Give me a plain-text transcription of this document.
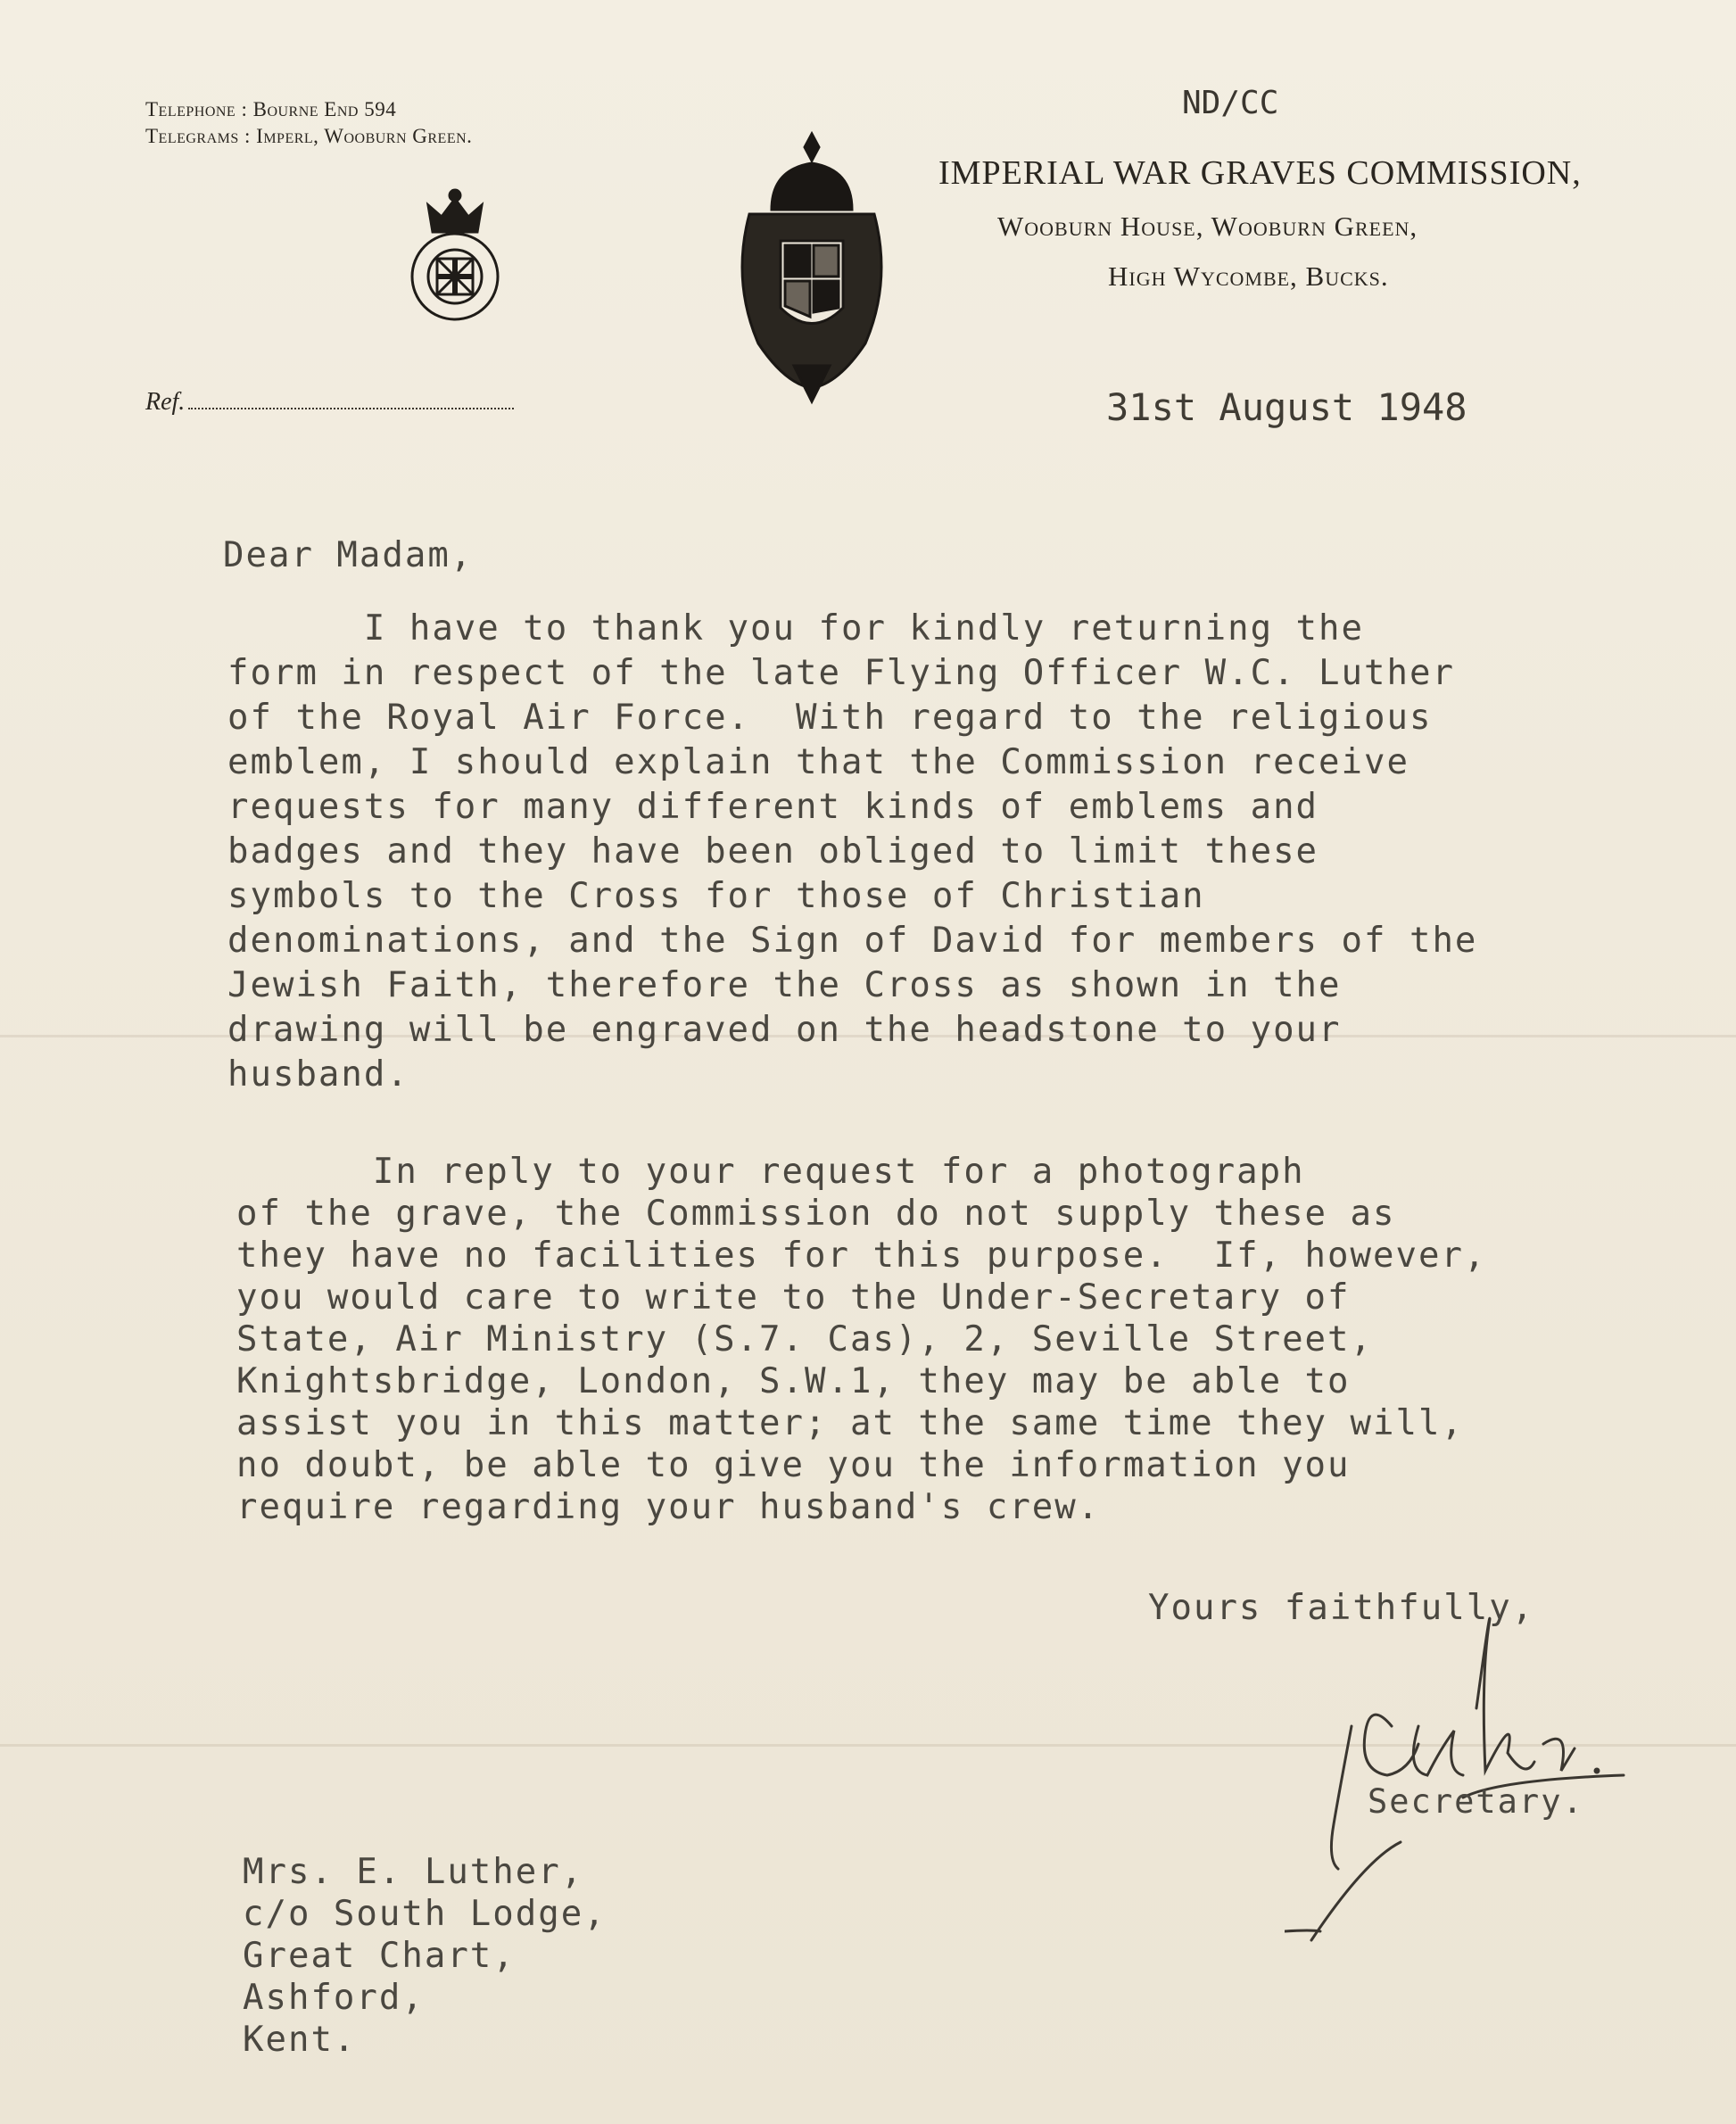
Telephone : Bourne End 594
Telegrams : Imperl, Wooburn Green.
ND/CC
IMPERIAL WAR GRAVES COMMISSION,
Wooburn House, Wooburn Green,
High Wycombe, Bucks.
Ref.	31st August 1948
Dear Madam,
I have to thank you for kindly returning the
form in respect of the late Flying Officer W.C. Luther
of the Royal Air Force.  With regard to the religious
emblem, I should explain that the Commission receive
requests for many different kinds of emblems and
badges and they have been obliged to limit these
symbols to the Cross for those of Christian
denominations, and the Sign of David for members of the
Jewish Faith, therefore the Cross as shown in the
drawing will be engraved on the headstone to your
husband.
In reply to your request for a photograph
of the grave, the Commission do not supply these as
they have no facilities for this purpose.  If, however,
you would care to write to the Under-Secretary of
State, Air Ministry (S.7. Cas), 2, Seville Street,
Knightsbridge, London, S.W.1, they may be able to
assist you in this matter; at the same time they will,
no doubt, be able to give you the information you
require regarding your husband's crew.
Yours faithfully,
Secretary.
Mrs. E. Luther,
c/o South Lodge,
Great Chart,
Ashford,
Kent.
